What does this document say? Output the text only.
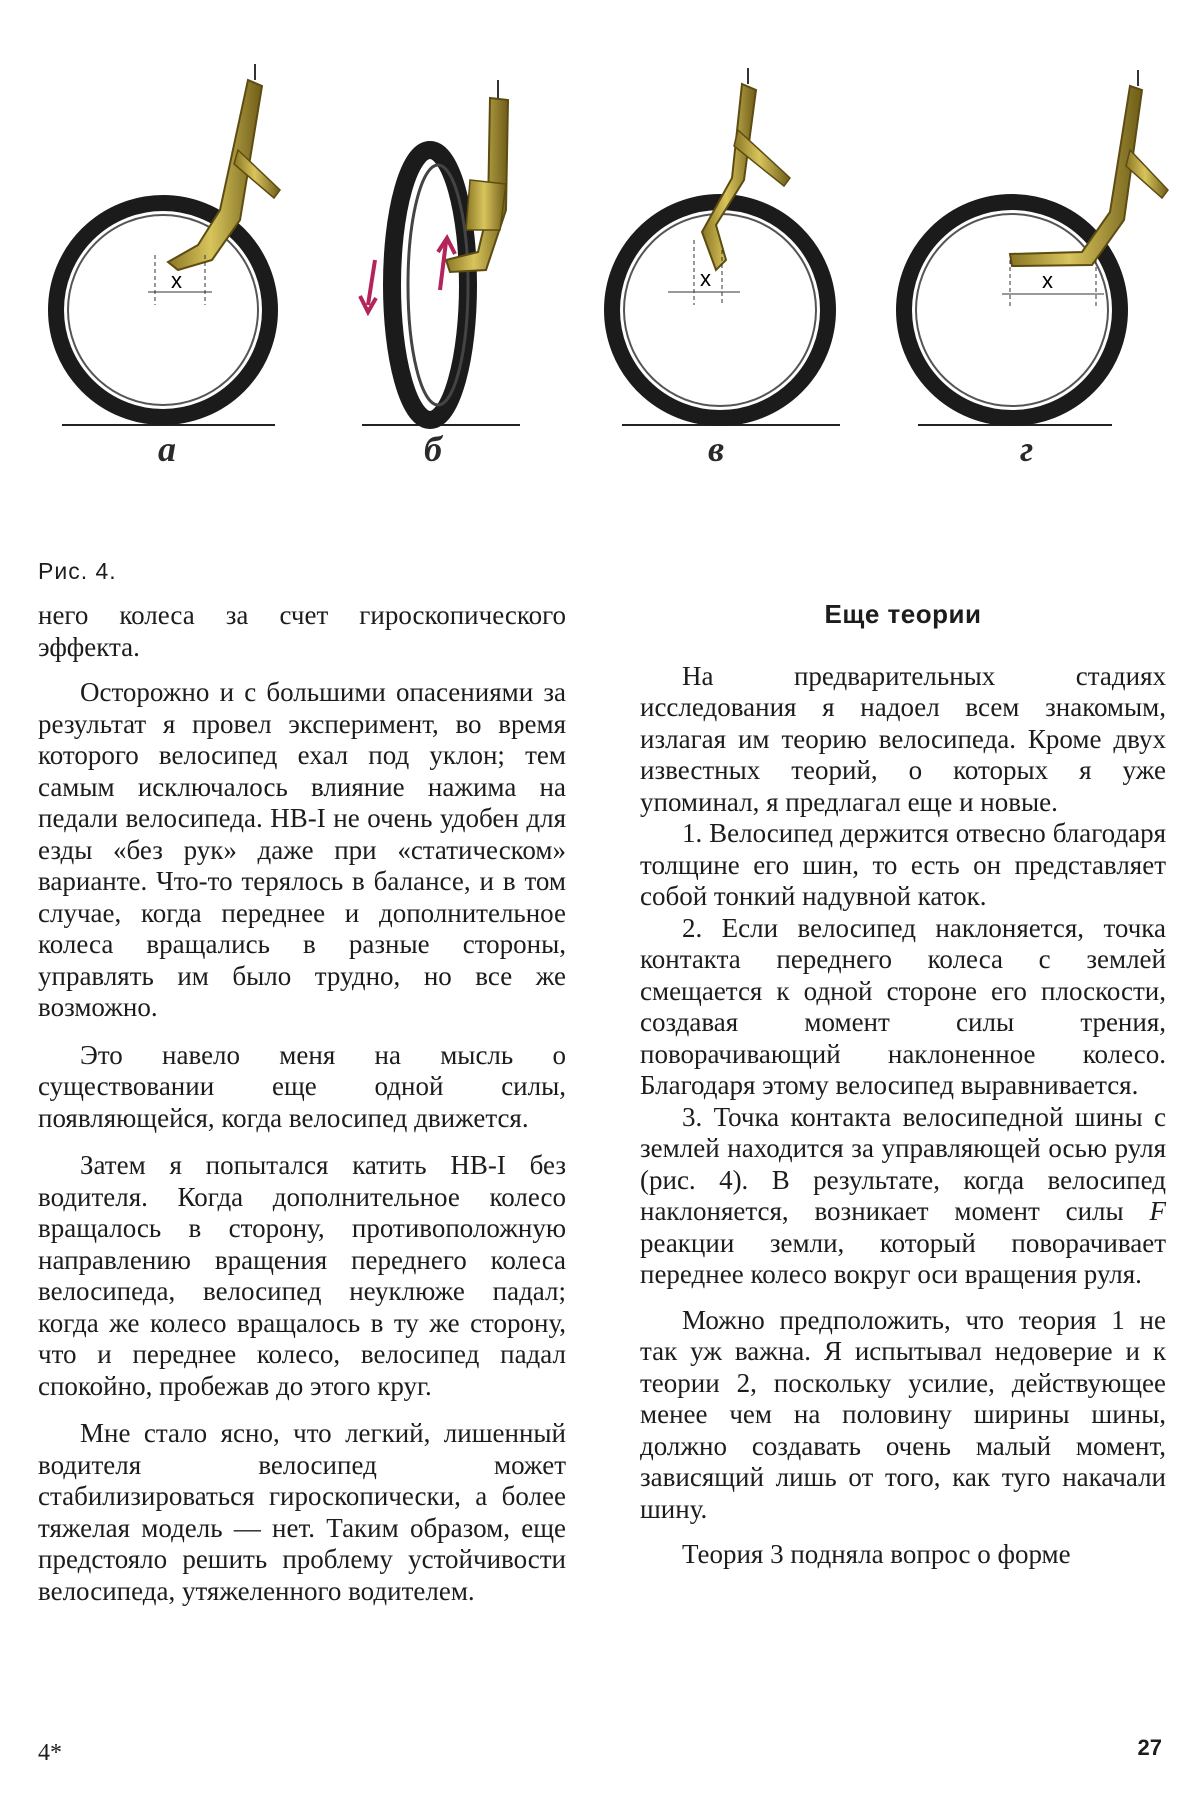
x	x	x
а	б	в	г
Рис. 4.

него колеса за счет гироскопического эффекта.

Осторожно и с большими опасениями за результат я провел эксперимент, во время которого велосипед ехал под уклон; тем самым исключалось влияние нажима на педали велосипеда. НВ-I не очень удобен для езды «без рук» даже при «статическом» варианте. Что-то терялось в балансе, и в том случае, когда переднее и дополнительное колеса вращались в разные стороны, управлять им было трудно, но все же возможно.

Это навело меня на мысль о существовании еще одной силы, появляющейся, когда велосипед движется.

Затем я попытался катить НВ-I без водителя. Когда дополнительное колесо вращалось в сторону, противоположную направлению вращения переднего колеса велосипеда, велосипед неуклюже падал; когда же колесо вращалось в ту же сторону, что и переднее колесо, велосипед падал спокойно, пробежав до этого круг.

Мне стало ясно, что легкий, лишенный водителя велосипед может стабилизироваться гироскопически, а более тяжелая модель — нет. Таким образом, еще предстояло решить проблему устойчивости велосипеда, утяжеленного водителем.

Еще теории

На предварительных стадиях исследования я надоел всем знакомым, излагая им теорию велосипеда. Кроме двух известных теорий, о которых я уже упоминал, я предлагал еще и новые.

1. Велосипед держится отвесно благодаря толщине его шин, то есть он представляет собой тонкий надувной каток.

2. Если велосипед наклоняется, точка контакта переднего колеса с землей смещается к одной стороне его плоскости, создавая момент силы трения, поворачивающий наклоненное колесо. Благодаря этому велосипед выравнивается.

3. Точка контакта велосипедной шины с землей находится за управляющей осью руля (рис. 4). В результате, когда велосипед наклоняется, возникает момент силы F реакции земли, который поворачивает переднее колесо вокруг оси вращения руля.

Можно предположить, что теория 1 не так уж важна. Я испытывал недоверие и к теории 2, поскольку усилие, действующее менее чем на половину ширины шины, должно создавать очень малый момент, зависящий лишь от того, как туго накачали шину.

Теория 3 подняла вопрос о форме

4*	27
